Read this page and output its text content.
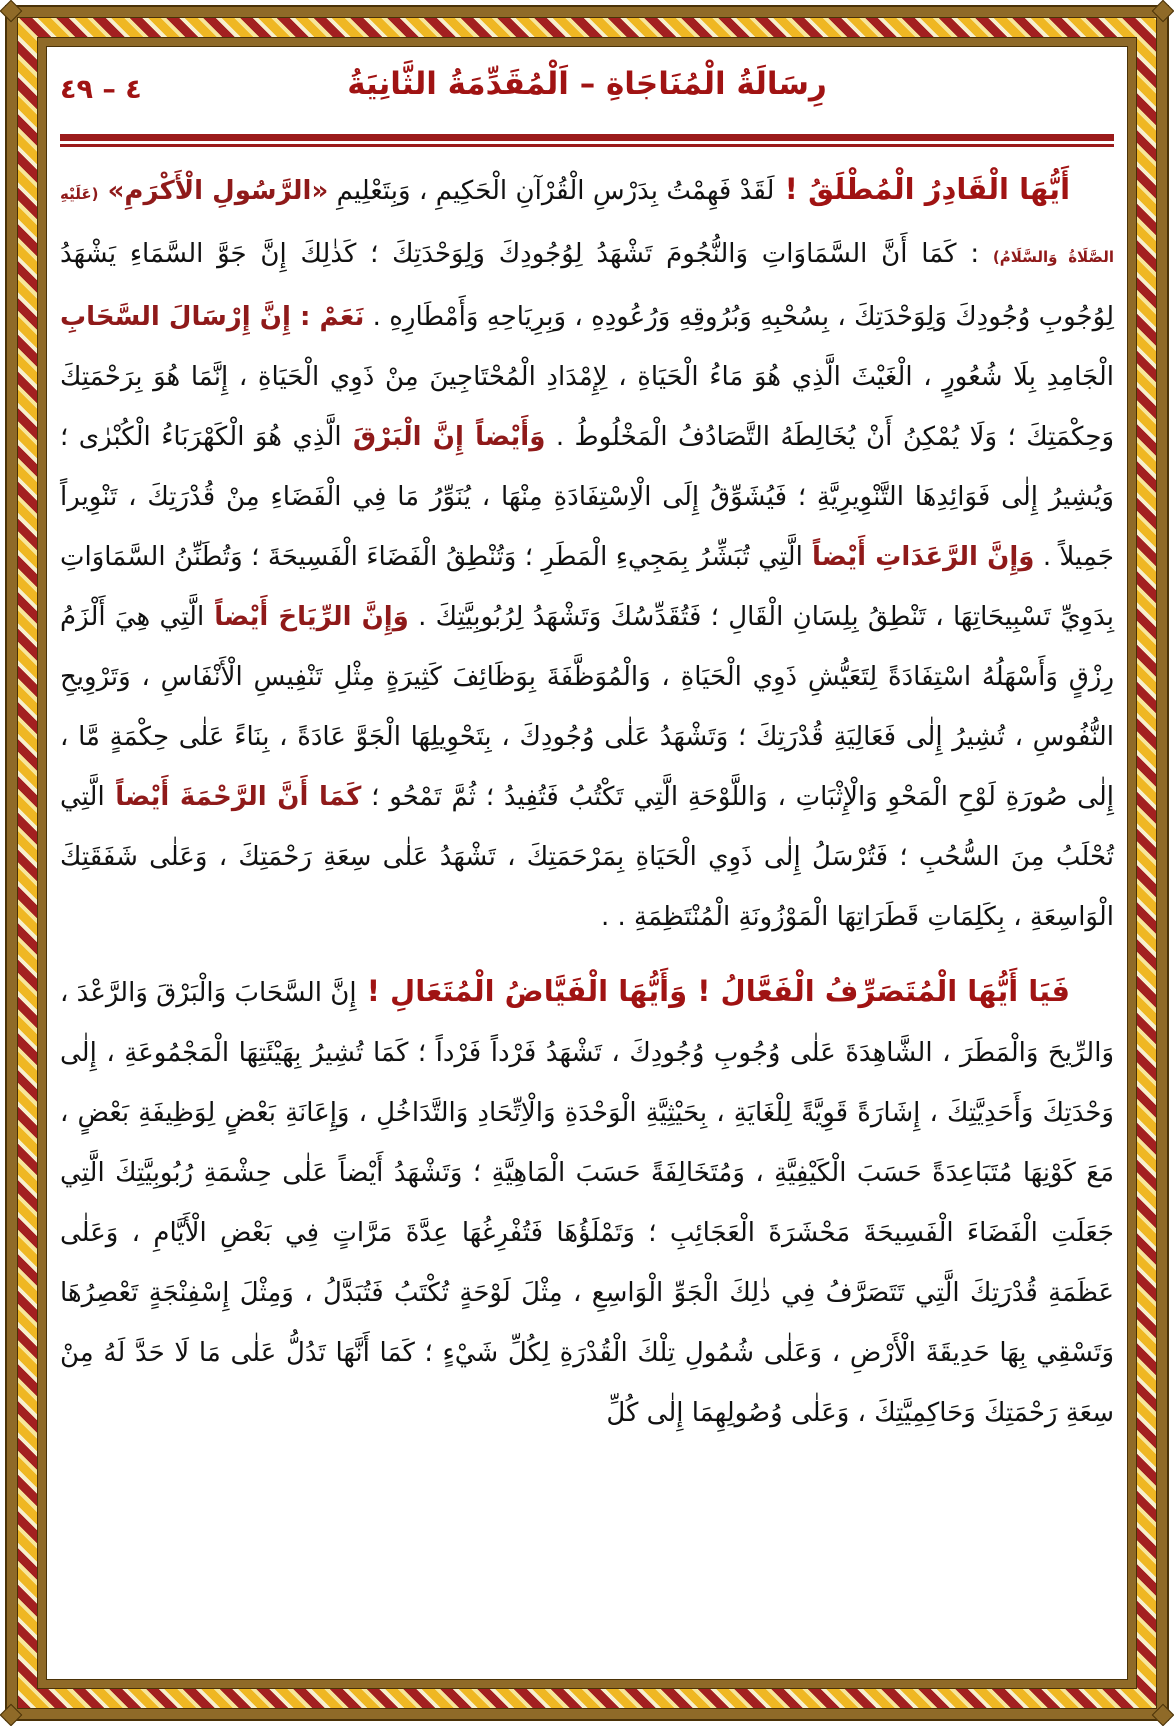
رِسَالَةُ الْمُنَاجَاةِ – اَلْمُقَدِّمَةُ الثَّانِيَةُ
٤ – ٤٩

أَيُّهَا الْقَادِرُ الْمُطْلَقُ ! لَقَدْ فَهِمْتُ بِدَرْسِ الْقُرْآنِ الْحَكِيمِ ، وَبِتَعْلِيمِ «الرَّسُولِ الْأَكْرَمِ» (عَلَيْهِ الصَّلَاةُ وَالسَّلَامُ) : كَمَا أَنَّ السَّمَاوَاتِ وَالنُّجُومَ تَشْهَدُ لِوُجُودِكَ وَلِوَحْدَتِكَ ؛ كَذٰلِكَ إِنَّ جَوَّ السَّمَاءِ يَشْهَدُ لِوُجُوبِ وُجُودِكَ وَلِوَحْدَتِكَ ، بِسُحْبِهِ وَبُرُوقِهِ وَرُعُودِهِ ، وَبِرِيَاحِهِ وَأَمْطَارِهِ . نَعَمْ : إِنَّ إِرْسَالَ السَّحَابِ الْجَامِدِ بِلَا شُعُورٍ ، الْغَيْثَ الَّذِي هُوَ مَاءُ الْحَيَاةِ ، لِإِمْدَادِ الْمُحْتَاجِينَ مِنْ ذَوِي الْحَيَاةِ ، إِنَّمَا هُوَ بِرَحْمَتِكَ وَحِكْمَتِكَ ؛ وَلَا يُمْكِنُ أَنْ يُخَالِطَهُ التَّصَادُفُ الْمَخْلُوطُ . وَأَيْضاً إِنَّ الْبَرْقَ الَّذِي هُوَ الْكَهْرَبَاءُ الْكُبْرٰى ؛ وَيُشِيرُ إِلٰى فَوَائِدِهَا التَّنْوِيرِيَّةِ ؛ فَيُشَوِّقُ إِلَى الْاِسْتِفَادَةِ مِنْهَا ، يُنَوِّرُ مَا فِي الْفَضَاءِ مِنْ قُدْرَتِكَ ، تَنْوِيراً جَمِيلاً . وَإِنَّ الرَّعَدَاتِ أَيْضاً الَّتِي تُبَشِّرُ بِمَجِيءِ الْمَطَرِ ؛ وَتُنْطِقُ الْفَضَاءَ الْفَسِيحَةَ ؛ وَتُطَنِّنُ السَّمَاوَاتِ بِدَوِيِّ تَسْبِيحَاتِهَا ، تَنْطِقُ بِلِسَانِ الْقَالِ ؛ فَتُقَدِّسُكَ وَتَشْهَدُ لِرُبُوبِيَّتِكَ . وَإِنَّ الرِّيَاحَ أَيْضاً الَّتِي هِيَ أَلْزَمُ رِزْقٍ وَأَسْهَلُهُ اسْتِفَادَةً لِتَعَيُّشِ ذَوِي الْحَيَاةِ ، وَالْمُوَظَّفَةَ بِوَظَائِفَ كَثِيرَةٍ مِثْلِ تَنْفِيسِ الْأَنْفَاسِ ، وَتَرْوِيحِ النُّفُوسِ ، تُشِيرُ إِلٰى فَعَالِيَةِ قُدْرَتِكَ ؛ وَتَشْهَدُ عَلٰى وُجُودِكَ ، بِتَحْوِيلِهَا الْجَوَّ عَادَةً ، بِنَاءً عَلٰى حِكْمَةٍ مَّا ، إِلٰى صُورَةِ لَوْحِ الْمَحْوِ وَالْإِثْبَاتِ ، وَاللَّوْحَةِ الَّتِي تَكْتُبُ فَتُفِيدُ ؛ ثُمَّ تَمْحُو ؛ كَمَا أَنَّ الرَّحْمَةَ أَيْضاً الَّتِي تُحْلَبُ مِنَ السُّحُبِ ؛ فَتُرْسَلُ إِلٰى ذَوِي الْحَيَاةِ بِمَرْحَمَتِكَ ، تَشْهَدُ عَلٰى سِعَةِ رَحْمَتِكَ ، وَعَلٰى شَفَقَتِكَ الْوَاسِعَةِ ، بِكَلِمَاتِ قَطَرَاتِهَا الْمَوْزُونَةِ الْمُنْتَظِمَةِ . .

فَيَا أَيُّهَا الْمُتَصَرِّفُ الْفَعَّالُ ! وَأَيُّهَا الْفَيَّاضُ الْمُتَعَالِ ! إِنَّ السَّحَابَ وَالْبَرْقَ وَالرَّعْدَ ، وَالرِّيحَ وَالْمَطَرَ ، الشَّاهِدَةَ عَلٰى وُجُوبِ وُجُودِكَ ، تَشْهَدُ فَرْداً فَرْداً ؛ كَمَا تُشِيرُ بِهَيْئَتِهَا الْمَجْمُوعَةِ ، إِلٰى وَحْدَتِكَ وَأَحَدِيَّتِكَ ، إِشَارَةً قَوِيَّةً لِلْغَايَةِ ، بِحَيْثِيَّةِ الْوَحْدَةِ وَالْاِتِّحَادِ وَالتَّدَاخُلِ ، وَإِعَانَةِ بَعْضٍ لِوَظِيفَةِ بَعْضٍ ، مَعَ كَوْنِهَا مُتَبَاعِدَةً حَسَبَ الْكَيْفِيَّةِ ، وَمُتَخَالِفَةً حَسَبَ الْمَاهِيَّةِ ؛ وَتَشْهَدُ أَيْضاً عَلٰى حِشْمَةِ رُبُوبِيَّتِكَ الَّتِي جَعَلَتِ الْفَضَاءَ الْفَسِيحَةَ مَحْشَرَةَ الْعَجَائِبِ ؛ وَتَمْلَؤُهَا فَتُفْرِغُهَا عِدَّةَ مَرَّاتٍ فِي بَعْضِ الْأَيَّامِ ، وَعَلٰى عَظَمَةِ قُدْرَتِكَ الَّتِي تَتَصَرَّفُ فِي ذٰلِكَ الْجَوِّ الْوَاسِعِ ، مِثْلَ لَوْحَةٍ تُكْتَبُ فَتُبَدَّلُ ، وَمِثْلَ إِسْفِنْجَةٍ تَعْصِرُهَا وَتَسْقِي بِهَا حَدِيقَةَ الْأَرْضِ ، وَعَلٰى شُمُولِ تِلْكَ الْقُدْرَةِ لِكُلِّ شَيْءٍ ؛ كَمَا أَنَّهَا تَدُلُّ عَلٰى مَا لَا حَدَّ لَهُ مِنْ سِعَةِ رَحْمَتِكَ وَحَاكِمِيَّتِكَ ، وَعَلٰى وُصُولِهِمَا إِلٰى كُلِّ
